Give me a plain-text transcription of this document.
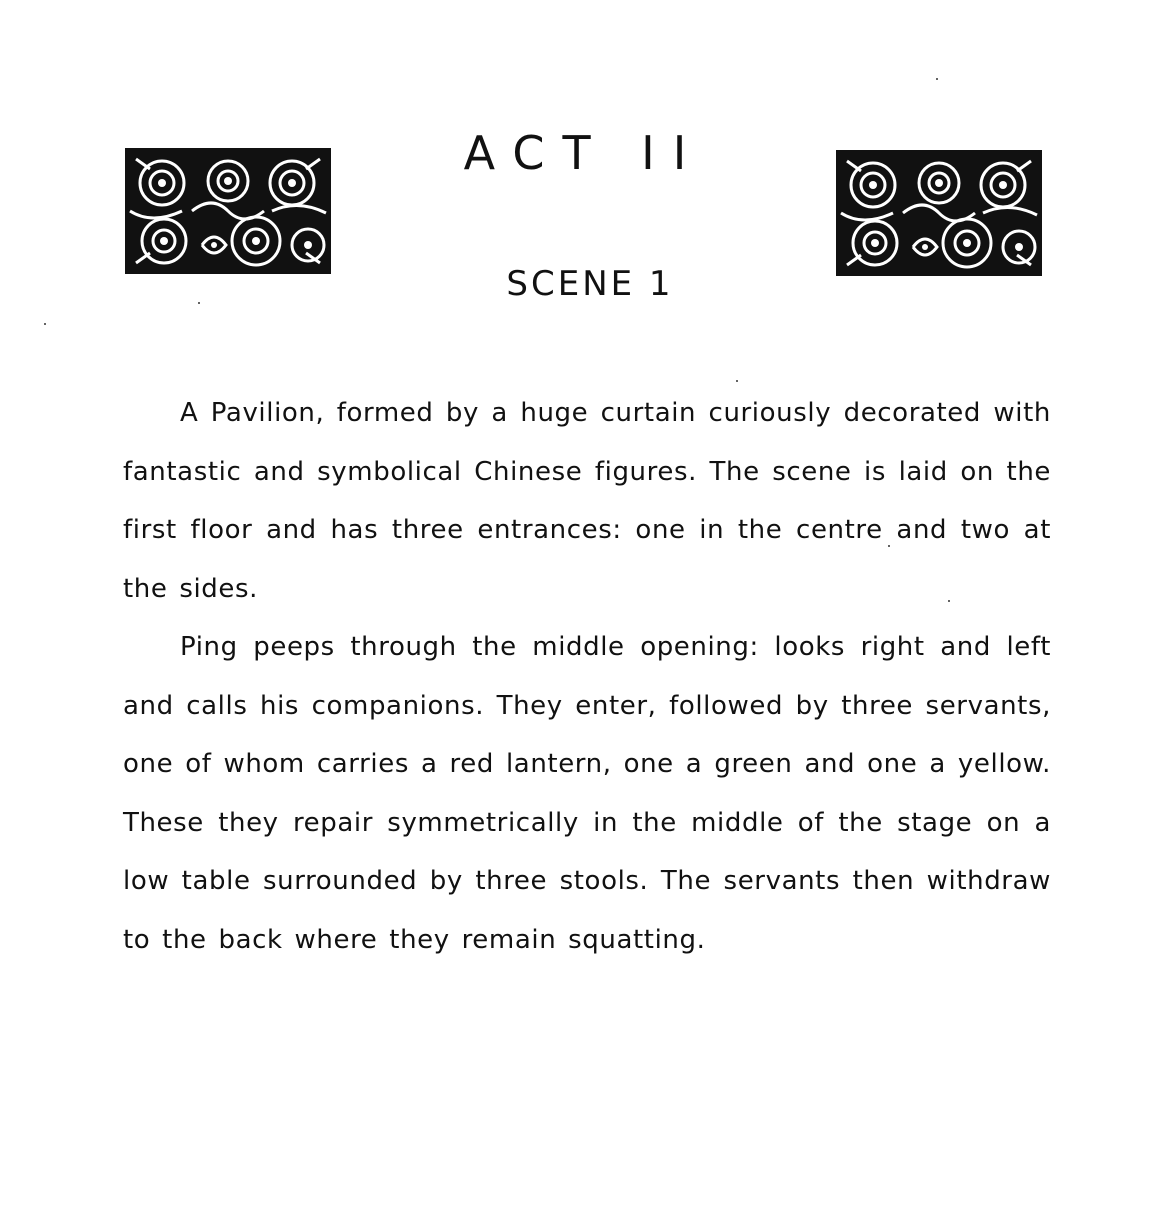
ACT II
SCENE 1

A Pavilion, formed by a huge curtain curiously decorated with fantastic and symbolical Chinese figures. The scene is laid on the first floor and has three entrances: one in the centre and two at the sides.

Ping peeps through the middle opening: looks right and left and calls his companions. They enter, followed by three servants, one of whom carries a red lantern, one a green and one a yellow. These they repair symmetrically in the middle of the stage on a low table surrounded by three stools. The servants then withdraw to the back where they remain squatting.
